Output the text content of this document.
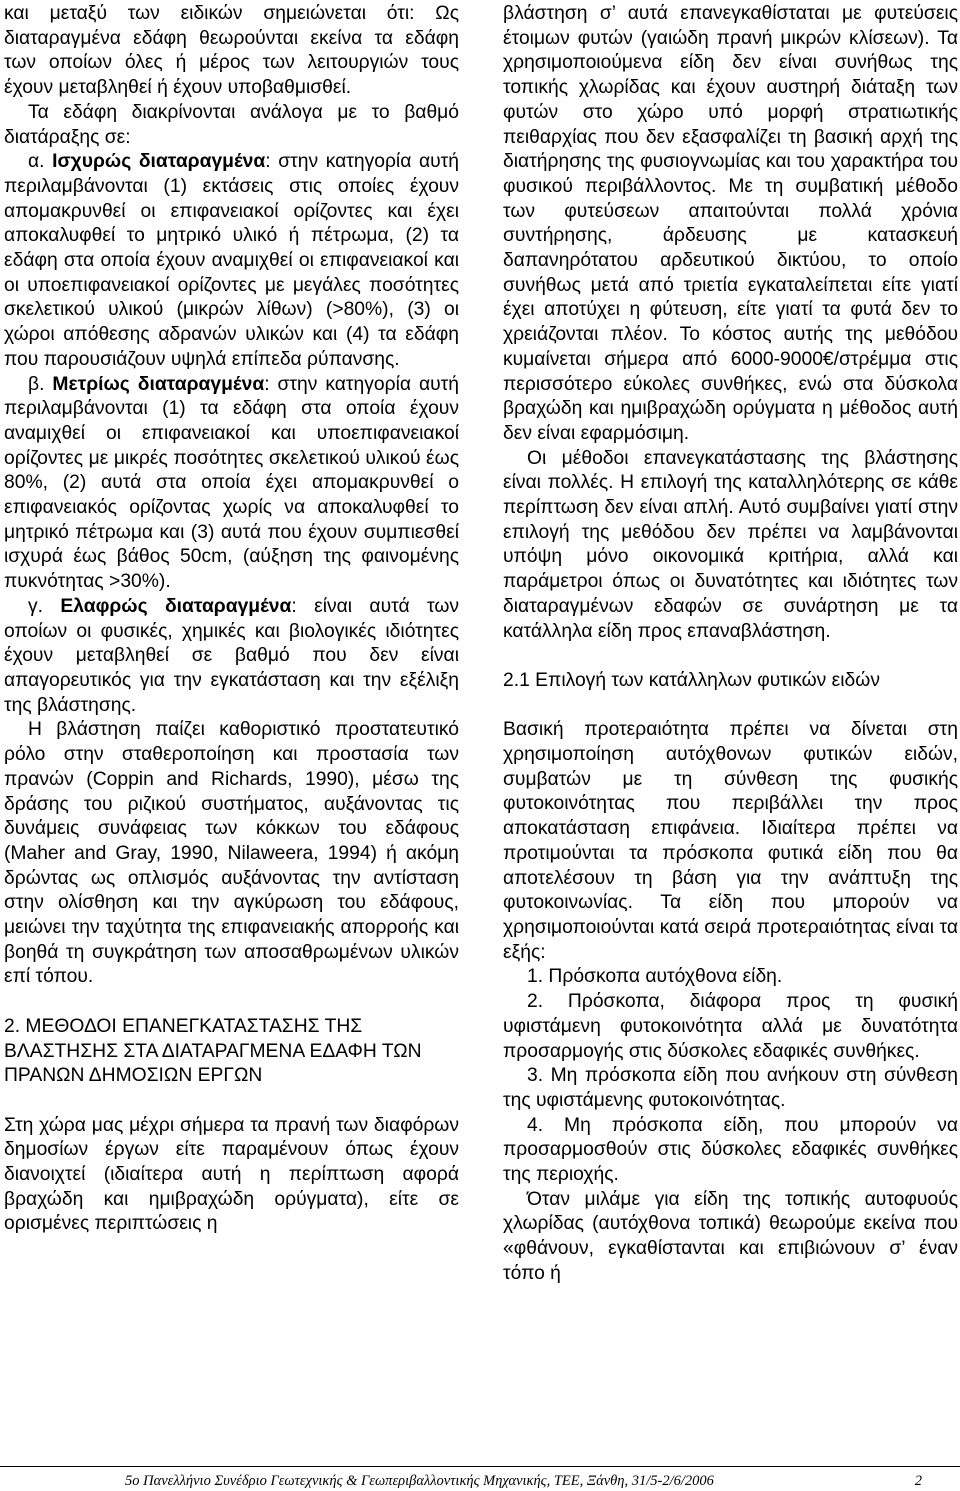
και μεταξύ των ειδικών σημειώνεται ότι: Ως διαταραγμένα εδάφη θεωρούνται εκείνα τα εδάφη των οποίων όλες ή μέρος των λειτουργιών τους έχουν μεταβληθεί ή έχουν υποβαθμισθεί.

Τα εδάφη διακρίνονται ανάλογα με το βαθμό διατάραξης σε:

α. Ισχυρώς διαταραγμένα: στην κατηγορία αυτή περιλαμβάνονται (1) εκτάσεις στις οποίες έχουν απομακρυνθεί οι επιφανειακοί ορίζοντες και έχει αποκαλυφθεί το μητρικό υλικό ή πέτρωμα, (2) τα εδάφη στα οποία έχουν αναμιχθεί οι επιφανειακοί και οι υποεπιφανειακοί ορίζοντες με μεγάλες ποσότητες σκελετικού υλικού (μικρών λίθων) (>80%), (3) οι χώροι απόθεσης αδρανών υλικών και (4) τα εδάφη που παρουσιάζουν υψηλά επίπεδα ρύπανσης.

β. Μετρίως διαταραγμένα: στην κατηγορία αυτή περιλαμβάνονται (1) τα εδάφη στα οποία έχουν αναμιχθεί οι επιφανειακοί και υποεπιφανειακοί ορίζοντες με μικρές ποσότητες σκελετικού υλικού έως 80%, (2) αυτά στα οποία έχει απομακρυνθεί ο επιφανειακός ορίζοντας χωρίς να αποκαλυφθεί το μητρικό πέτρωμα και (3) αυτά που έχουν συμπιεσθεί ισχυρά έως βάθος 50cm, (αύξηση της φαινομένης πυκνότητας >30%).

γ. Ελαφρώς διαταραγμένα: είναι αυτά των οποίων οι φυσικές, χημικές και βιολογικές ιδιότητες έχουν μεταβληθεί σε βαθμό που δεν είναι απαγορευτικός για την εγκατάσταση και την εξέλιξη της βλάστησης.

Η βλάστηση παίζει καθοριστικό προστατευτικό ρόλο στην σταθεροποίηση και προστασία των πρανών (Coppin and Richards, 1990), μέσω της δράσης του ριζικού συστήματος, αυξάνοντας τις δυνάμεις συνάφειας των κόκκων του εδάφους (Maher and Gray, 1990, Nilaweera, 1994) ή ακόμη δρώντας ως οπλισμός αυξάνοντας την αντίσταση στην ολίσθηση και την αγκύρωση του εδάφους, μειώνει την ταχύτητα της επιφανειακής απορροής και βοηθά τη συγκράτηση των αποσαθρωμένων υλικών επί τόπου.

2. ΜΕΘΟΔΟΙ ΕΠΑΝΕΓΚΑΤΑΣΤΑΣΗΣ ΤΗΣ ΒΛΑΣΤΗΣΗΣ ΣΤΑ ΔΙΑΤΑΡΑΓΜΕΝΑ ΕΔΑΦΗ ΤΩΝ ΠΡΑΝΩΝ ΔΗΜΟΣΙΩΝ ΕΡΓΩΝ

Στη χώρα μας μέχρι σήμερα τα πρανή των διαφόρων δημοσίων έργων είτε παραμένουν όπως έχουν διανοιχτεί (ιδιαίτερα αυτή η περίπτωση αφορά βραχώδη και ημιβραχώδη ορύγματα), είτε σε ορισμένες περιπτώσεις η

βλάστηση σ’ αυτά επανεγκαθίσταται με φυτεύσεις έτοιμων φυτών (γαιώδη πρανή μικρών κλίσεων). Τα χρησιμοποιούμενα είδη δεν είναι συνήθως της τοπικής χλωρίδας και έχουν αυστηρή διάταξη των φυτών στο χώρο υπό μορφή στρατιωτικής πειθαρχίας που δεν εξασφαλίζει τη βασική αρχή της διατήρησης της φυσιογνωμίας και του χαρακτήρα του φυσικού περιβάλλοντος. Με τη συμβατική μέθοδο των φυτεύσεων απαιτούνται πολλά χρόνια συντήρησης, άρδευσης με κατασκευή δαπανηρότατου αρδευτικού δικτύου, το οποίο συνήθως μετά από τριετία εγκαταλείπεται είτε γιατί έχει αποτύχει η φύτευση, είτε γιατί τα φυτά δεν το χρειάζονται πλέον. Το κόστος αυτής της μεθόδου κυμαίνεται σήμερα από 6000-9000€/στρέμμα στις περισσότερο εύκολες συνθήκες, ενώ στα δύσκολα βραχώδη και ημιβραχώδη ορύγματα η μέθοδος αυτή δεν είναι εφαρμόσιμη.

Οι μέθοδοι επανεγκατάστασης της βλάστησης είναι πολλές. Η επιλογή της καταλληλότερης σε κάθε περίπτωση δεν είναι απλή. Αυτό συμβαίνει γιατί στην επιλογή της μεθόδου δεν πρέπει να λαμβάνονται υπόψη μόνο οικονομικά κριτήρια, αλλά και παράμετροι όπως οι δυνατότητες και ιδιότητες των διαταραγμένων εδαφών σε συνάρτηση με τα κατάλληλα είδη προς επαναβλάστηση.

2.1 Επιλογή των κατάλληλων φυτικών ειδών

Βασική προτεραιότητα πρέπει να δίνεται στη χρησιμοποίηση αυτόχθονων φυτικών ειδών, συμβατών με τη σύνθεση της φυσικής φυτοκοινότητας που περιβάλλει την προς αποκατάσταση επιφάνεια. Ιδιαίτερα πρέπει να προτιμούνται τα πρόσκοπα φυτικά είδη που θα αποτελέσουν τη βάση για την ανάπτυξη της φυτοκοινωνίας. Τα είδη που μπορούν να χρησιμοποιούνται κατά σειρά προτεραιότητας είναι τα εξής:

1. Πρόσκοπα αυτόχθονα είδη.

2. Πρόσκοπα, διάφορα προς τη φυσική υφιστάμενη φυτοκοινότητα αλλά με δυνατότητα προσαρμογής στις δύσκολες εδαφικές συνθήκες.

3. Μη πρόσκοπα είδη που ανήκουν στη σύνθεση της υφιστάμενης φυτοκοινότητας.

4. Μη πρόσκοπα είδη, που μπορούν να προσαρμοσθούν στις δύσκολες εδαφικές συνθήκες της περιοχής.

Όταν μιλάμε για είδη της τοπικής αυτοφυούς χλωρίδας (αυτόχθονα τοπικά) θεωρούμε εκείνα που «φθάνουν, εγκαθίστανται και επιβιώνουν σ’ έναν τόπο ή

5ο Πανελλήνιο Συνέδριο Γεωτεχνικής & Γεωπεριβαλλοντικής Μηχανικής, ΤΕΕ, Ξάνθη, 31/5-2/6/2006	2
